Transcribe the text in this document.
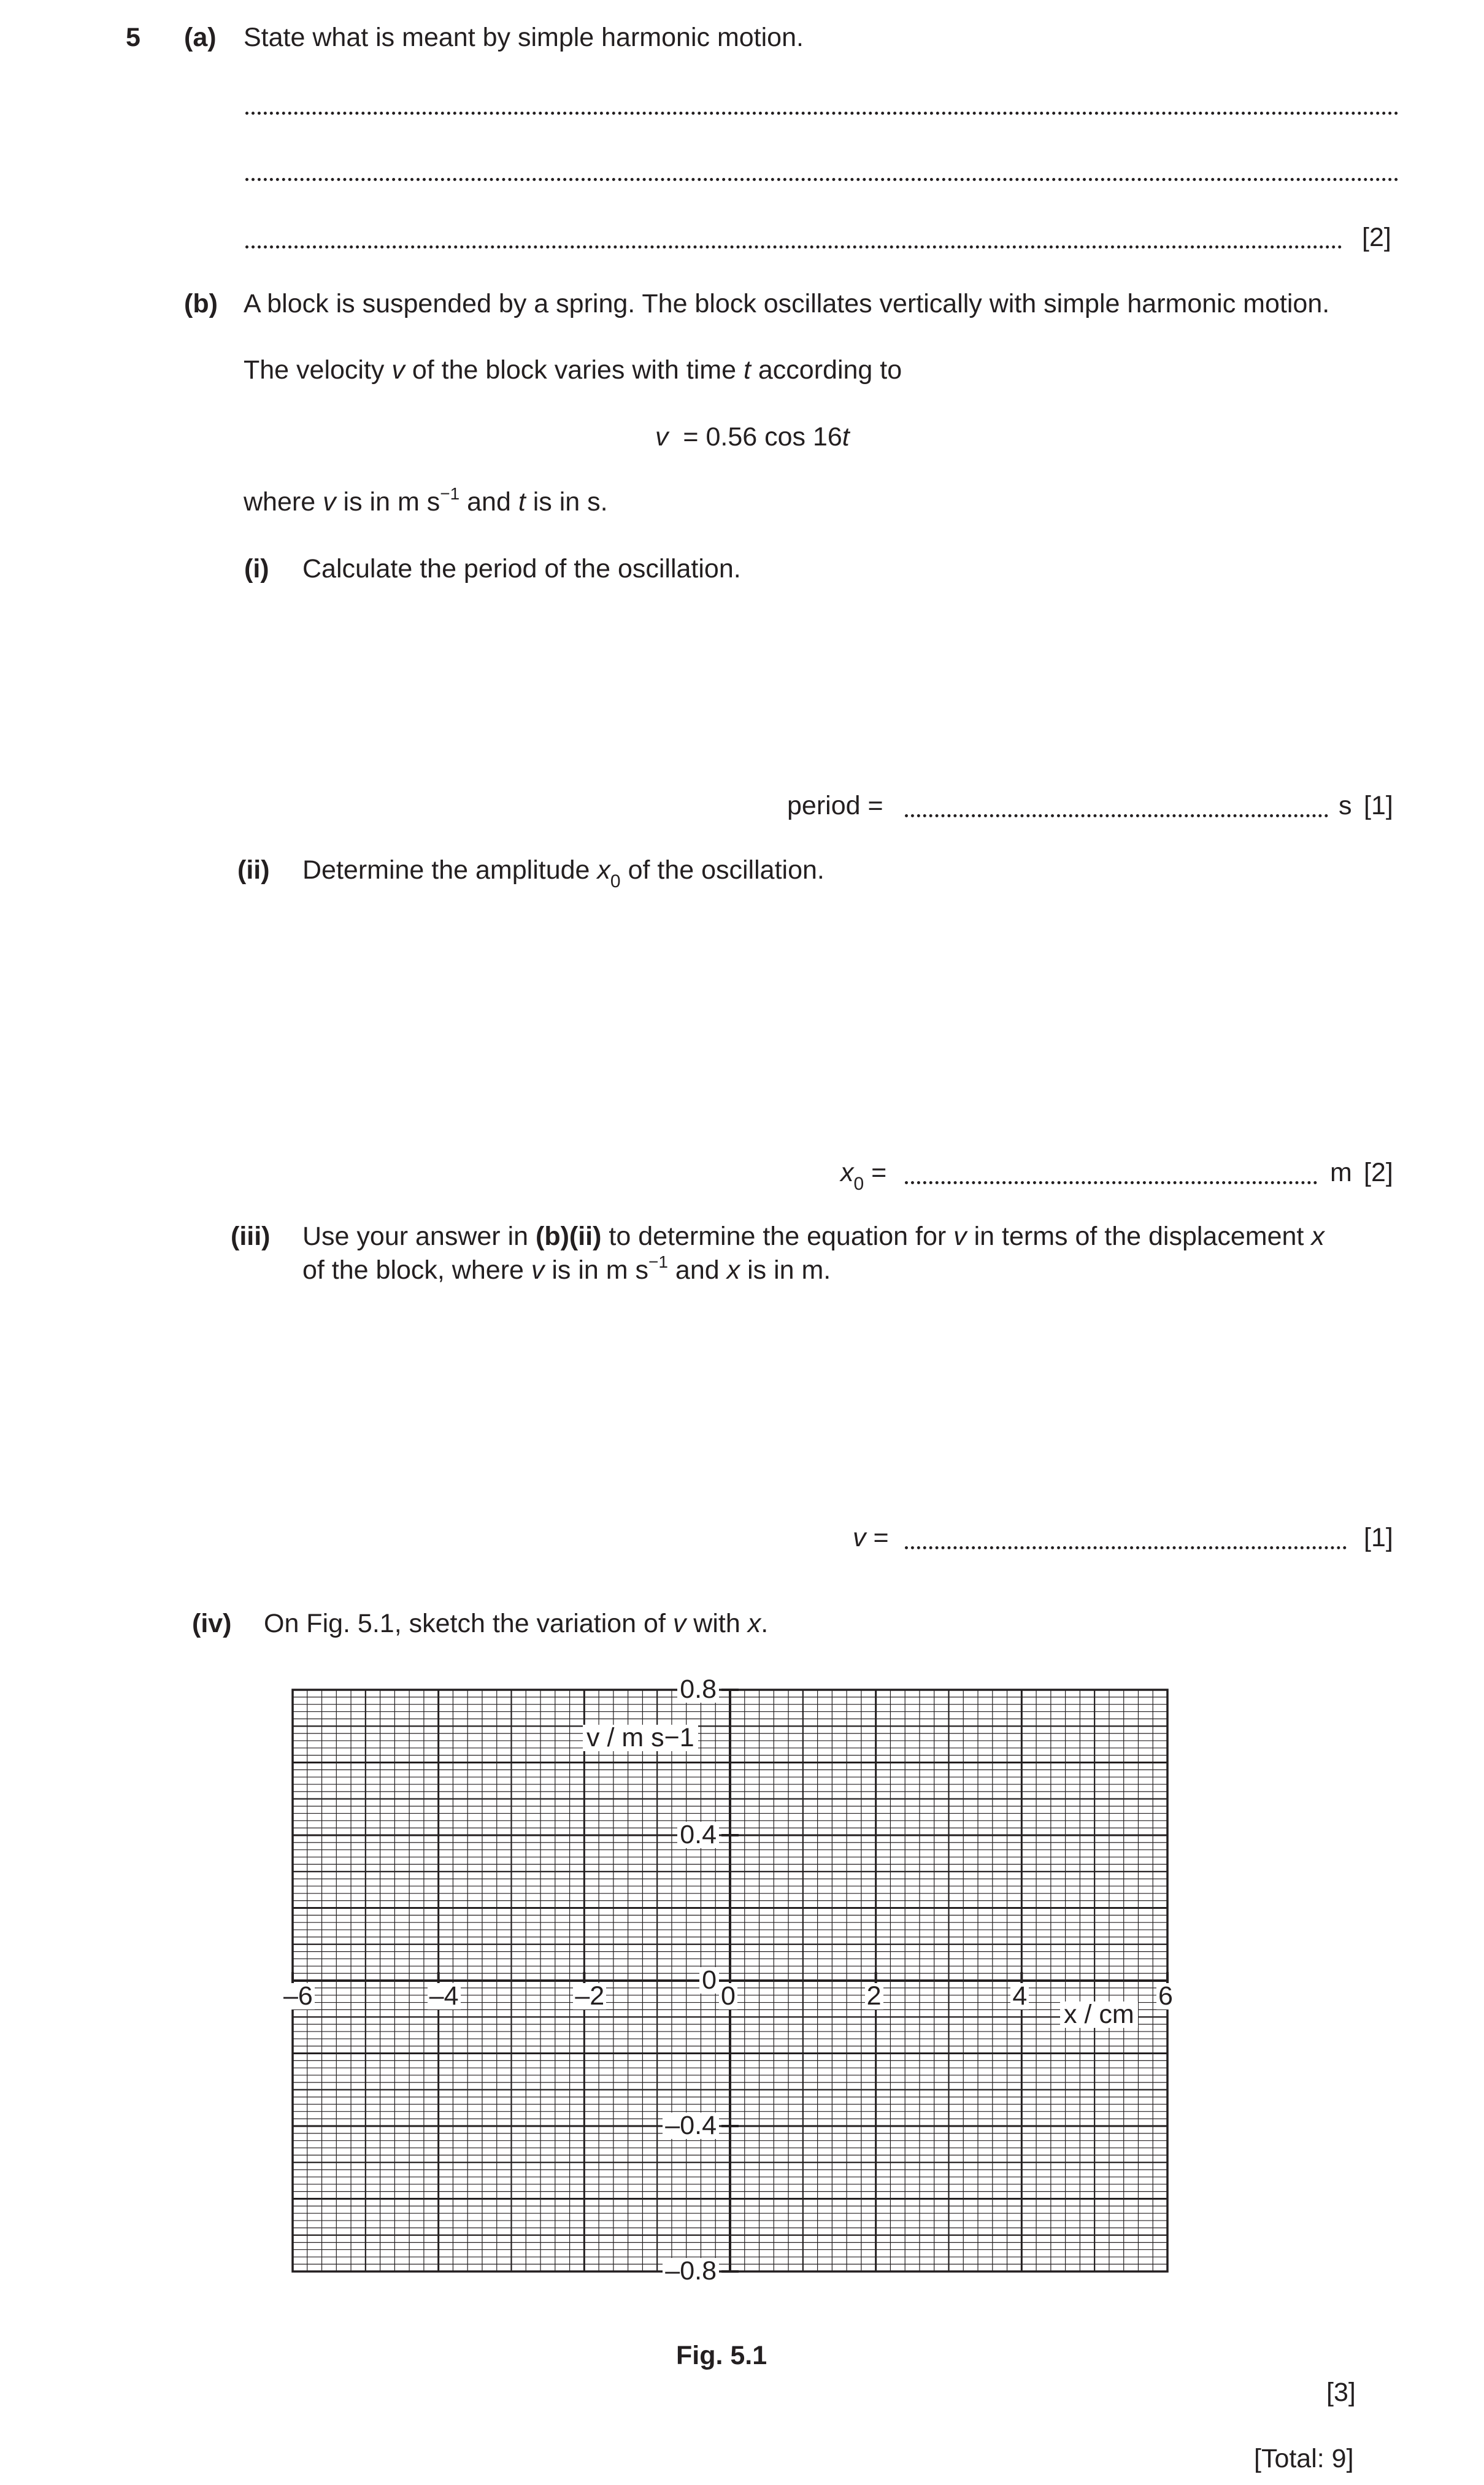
5 (a) State what is meant by simple harmonic motion.
[2]
(b) A block is suspended by a spring. The block oscillates vertically with simple harmonic motion.
The velocity v of the block varies with time t according to
v = 0.56 cos 16t
where v is in m $s^{-1}$ and t is in s.
(i) Calculate the period of the oscillation.
period =	s [1]
(ii) Determine the amplitude $x_0$ of the oscillation.
$x_0$ =	m [2]
(iii) Use your answer in (b)(ii) to determine the equation for v in terms of the displacement x
of the block, where v is in m $s^{-1}$ and x is in m.
v =	[1]
(iv) On Fig. 5.1, sketch the variation of v with x.
0.8
0.4
0
–0.4
–0.8
–6	–4	–2	0	2	4	6
v / m s−1
x / cm
Fig. 5.1
[3]
[Total: 9]
